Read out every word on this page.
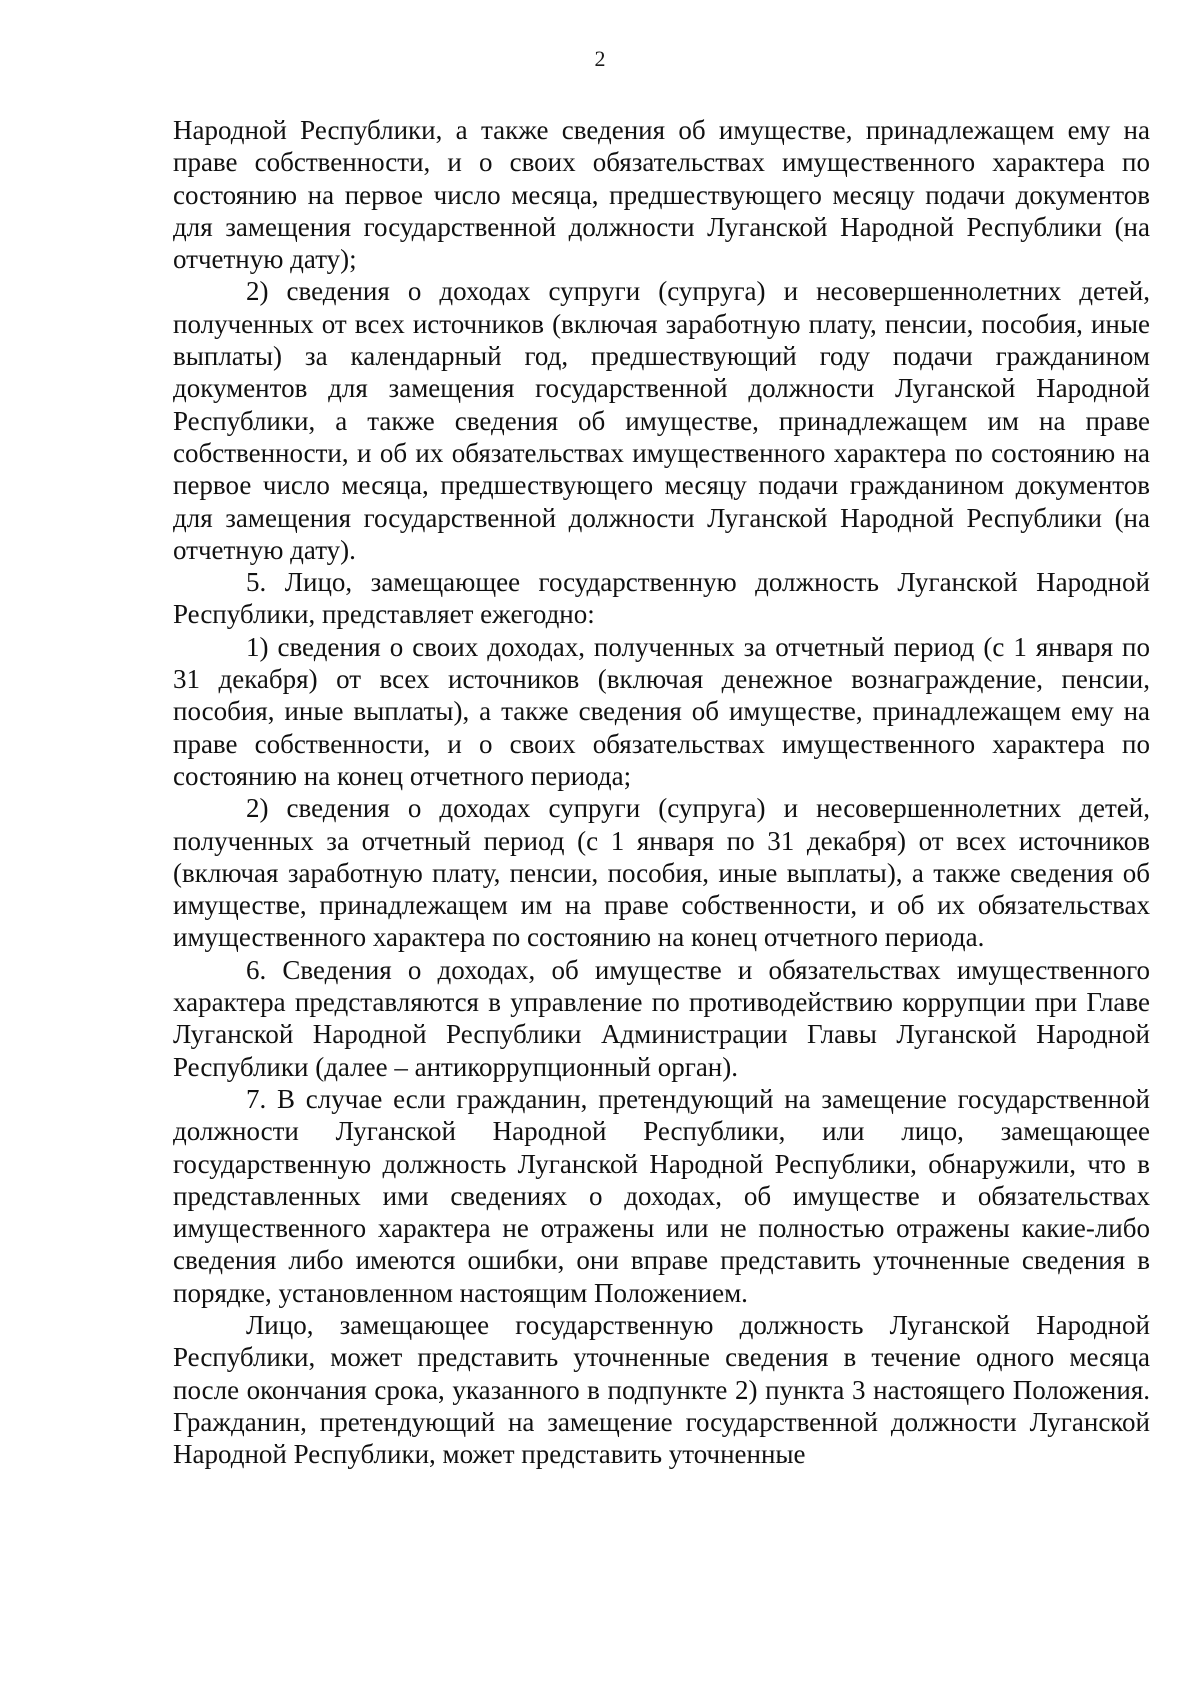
2

Народной Республики, а также сведения об имуществе, принадлежащем ему на праве собственности, и о своих обязательствах имущественного характера по состоянию на первое число месяца, предшествующего месяцу подачи документов для замещения государственной должности Луганской Народной Республики (на отчетную дату);

2) сведения о доходах супруги (супруга) и несовершеннолетних детей, полученных от всех источников (включая заработную плату, пенсии, пособия, иные выплаты) за календарный год, предшествующий году подачи гражданином документов для замещения государственной должности Луганской Народной Республики, а также сведения об имуществе, принадлежащем им на праве собственности, и об их обязательствах имущественного характера по состоянию на первое число месяца, предшествующего месяцу подачи гражданином документов для замещения государственной должности Луганской Народной Республики (на отчетную дату).

5. Лицо, замещающее государственную должность Луганской Народной Республики, представляет ежегодно:

1) сведения о своих доходах, полученных за отчетный период (с 1 января по 31 декабря) от всех источников (включая денежное вознаграждение, пенсии, пособия, иные выплаты), а также сведения об имуществе, принадлежащем ему на праве собственности, и о своих обязательствах имущественного характера по состоянию на конец отчетного периода;

2) сведения о доходах супруги (супруга) и несовершеннолетних детей, полученных за отчетный период (с 1 января по 31 декабря) от всех источников (включая заработную плату, пенсии, пособия, иные выплаты), а также сведения об имуществе, принадлежащем им на праве собственности, и об их обязательствах имущественного характера по состоянию на конец отчетного периода.

6. Сведения о доходах, об имуществе и обязательствах имущественного характера представляются в управление по противодействию коррупции при Главе Луганской Народной Республики Администрации Главы Луганской Народной Республики (далее – антикоррупционный орган).

7. В случае если гражданин, претендующий на замещение государственной должности Луганской Народной Республики, или лицо, замещающее государственную должность Луганской Народной Республики, обнаружили, что в представленных ими сведениях о доходах, об имуществе и обязательствах имущественного характера не отражены или не полностью отражены какие-либо сведения либо имеются ошибки, они вправе представить уточненные сведения в порядке, установленном настоящим Положением.

Лицо, замещающее государственную должность Луганской Народной Республики, может представить уточненные сведения в течение одного месяца после окончания срока, указанного в подпункте 2) пункта 3 настоящего Положения. Гражданин, претендующий на замещение государственной должности Луганской Народной Республики, может представить уточненные
